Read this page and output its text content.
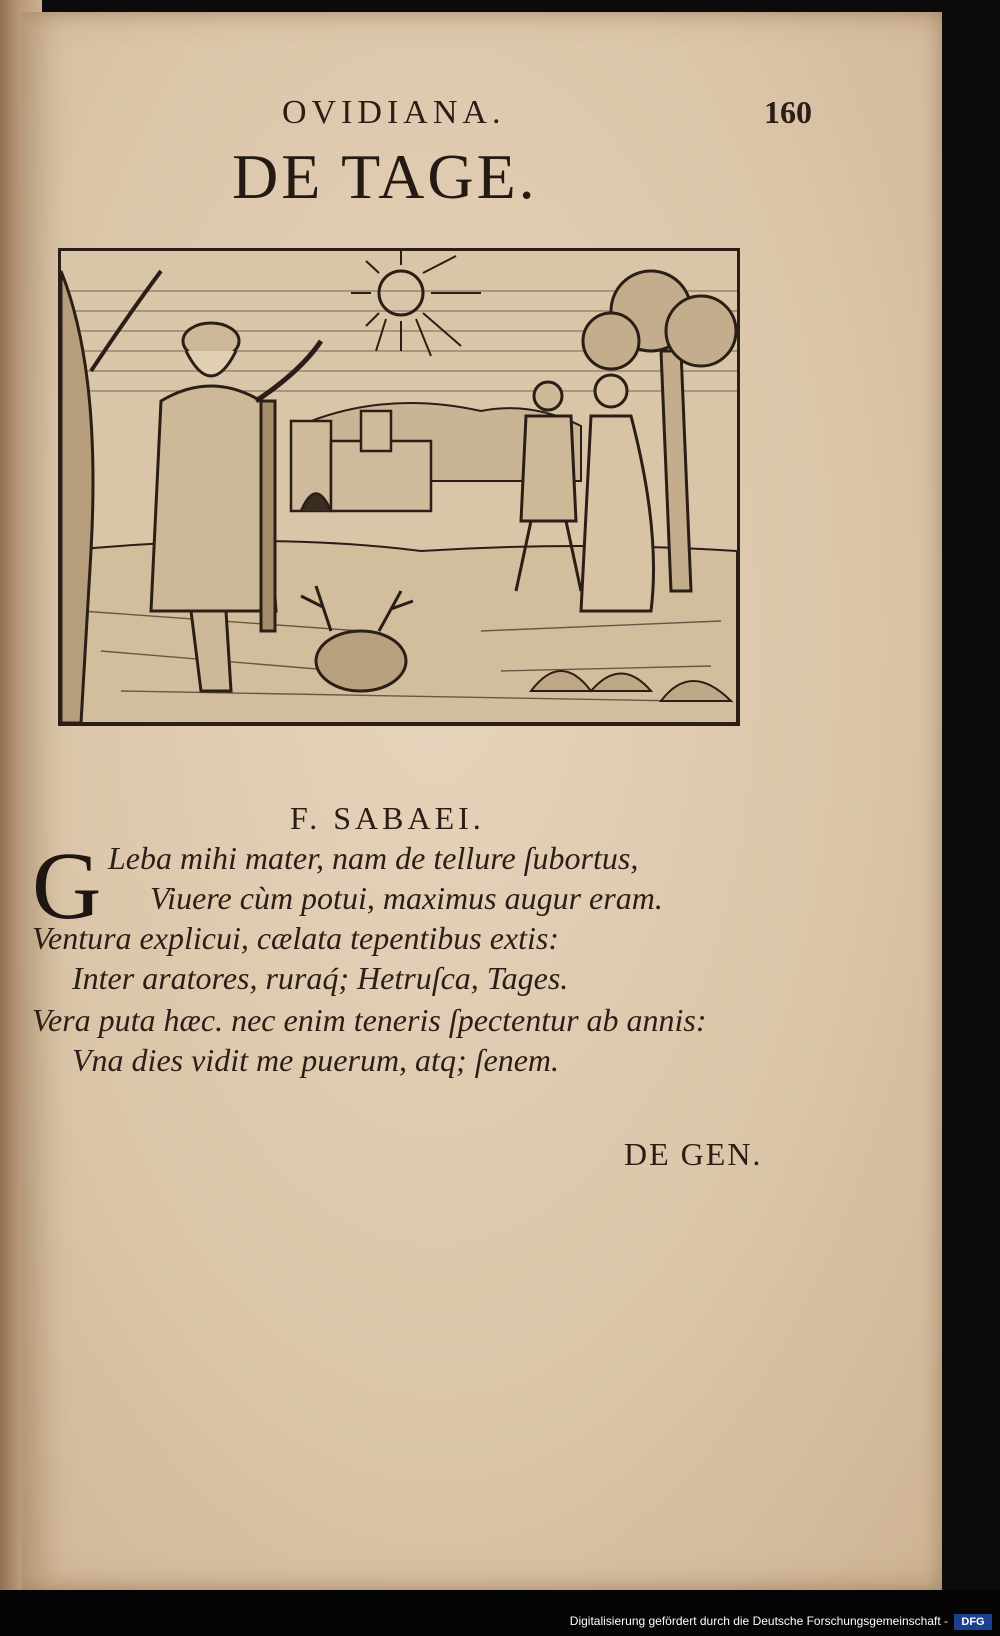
OVIDIANA.	160
DE TAGE.
F. SABAEI.
G Leba mihi mater, nam de tellure ſubortus,
Viuere cùm potui, maximus augur eram.
Ventura explicui, cælata tepentibus extis:
Inter aratores, ruraq́; Hetruſca, Tages.
Vera puta hæc. nec enim teneris ſpectentur ab annis:
Vna dies vidit me puerum, atq; ſenem.
DE GEN.
Digitalisierung gefördert durch die Deutsche Forschungsgemeinschaft -	DFG
